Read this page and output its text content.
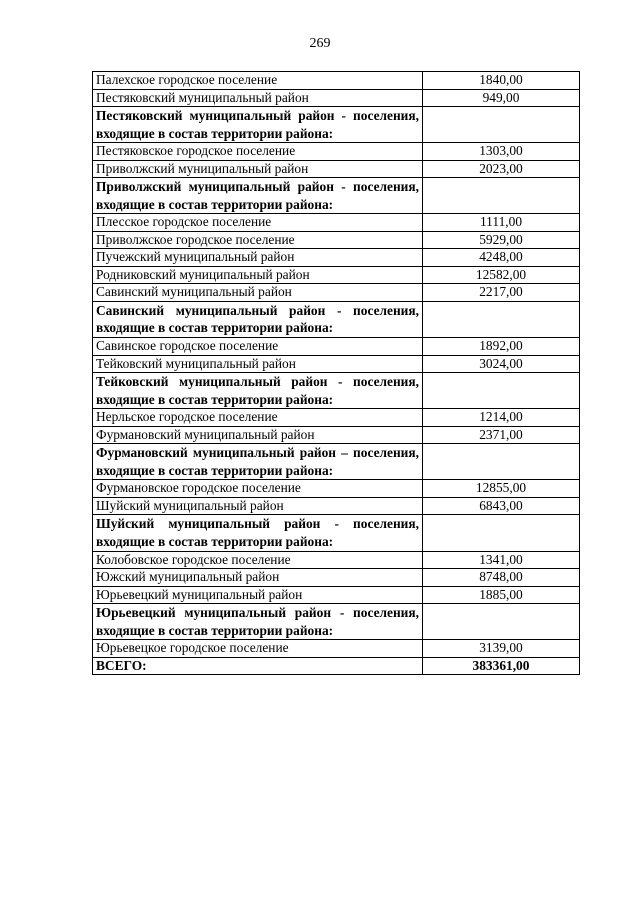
269
Палехское городское поселение	1840,00
Пестяковский муниципальный район	949,00
Пестяковский муниципальный район - поселения, входящие в состав территории района:	
Пестяковское городское поселение	1303,00
Приволжский муниципальный район	2023,00
Приволжский муниципальный район - поселения, входящие в состав территории района:	
Плесское городское поселение	1111,00
Приволжское городское поселение	5929,00
Пучежский муниципальный район	4248,00
Родниковский муниципальный район	12582,00
Савинский муниципальный район	2217,00
Савинский муниципальный район - поселения, входящие в состав территории района:	
Савинское городское поселение	1892,00
Тейковский муниципальный район	3024,00
Тейковский муниципальный район - поселения, входящие в состав территории района:	
Нерльское городское поселение	1214,00
Фурмановский муниципальный район	2371,00
Фурмановский муниципальный район – поселения, входящие в состав территории района:	
Фурмановское городское поселение	12855,00
Шуйский муниципальный район	6843,00
Шуйский муниципальный район - поселения, входящие в состав территории района:	
Колобовское городское поселение	1341,00
Южский муниципальный район	8748,00
Юрьевецкий муниципальный район	1885,00
Юрьевецкий муниципальный район - поселения, входящие в состав территории района:	
Юрьевецкое городское поселение	3139,00
ВСЕГО:	383361,00
